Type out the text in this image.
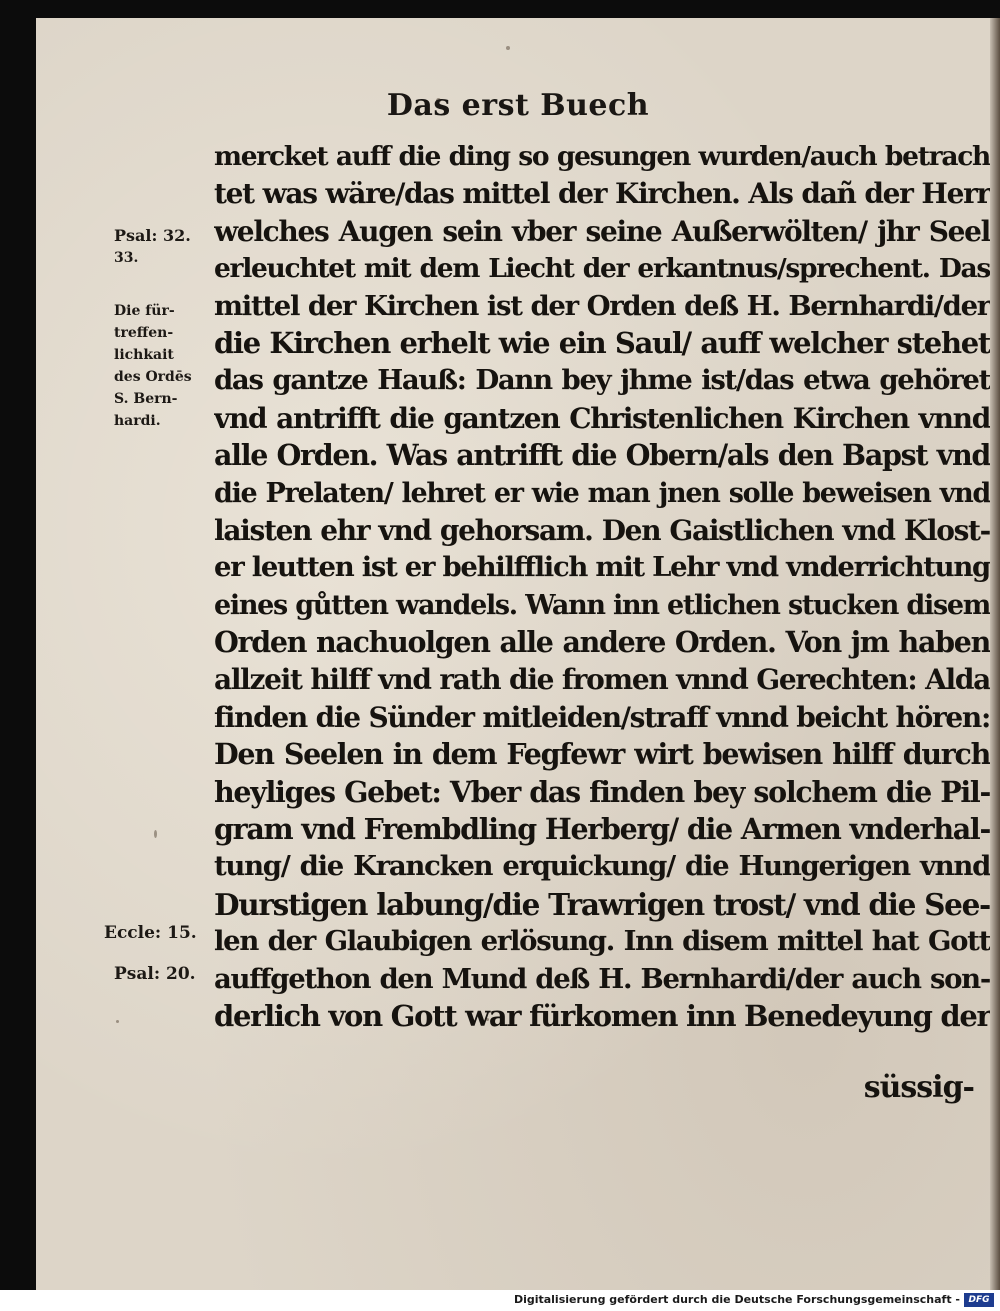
Das erst Buech
Psal: 32.
33.
Die für-
treffen-
lichkait
des Ordēs
S. Bern-
hardi.
Eccle: 15.
Psal: 20.
mercket auff die ding so gesungen wurden/auch betrach
tet was wäre/das mittel der Kirchen. Als dañ der Herr
welches Augen sein vber seine Außerwölten/ jhr Seel
erleuchtet mit dem Liecht der erkantnus/sprechent. Das
mittel der Kirchen ist der Orden deß H. Bernhardi/der
die Kirchen erhelt wie ein Saul/ auff welcher stehet
das gantze Hauß: Dann bey jhme ist/das etwa gehöret
vnd antrifft die gantzen Christenlichen Kirchen vnnd
alle Orden. Was antrifft die Obern/als den Bapst vnd
die Prelaten/ lehret er wie man jnen solle beweisen vnd
laisten ehr vnd gehorsam. Den Gaistlichen vnd Klost-
er leutten ist er behilfflich mit Lehr vnd vnderrichtung
eines gůtten wandels. Wann inn etlichen stucken disem
Orden nachuolgen alle andere Orden. Von jm haben
allzeit hilff vnd rath die fromen vnnd Gerechten: Alda
finden die Sünder mitleiden/straff vnnd beicht hören:
Den Seelen in dem Fegfewr wirt bewisen hilff durch
heyliges Gebet: Vber das finden bey solchem die Pil-
gram vnd Frembdling Herberg/ die Armen vnderhal-
tung/ die Krancken erquickung/ die Hungerigen vnnd
Durstigen labung/die Trawrigen trost/ vnd die See-
len der Glaubigen erlösung. Inn disem mittel hat Gott
auffgethon den Mund deß H. Bernhardi/der auch son-
derlich von Gott war fürkomen inn Benedeyung der
süssig-
Digitalisierung gefördert durch die Deutsche Forschungsgemeinschaft - DFG
